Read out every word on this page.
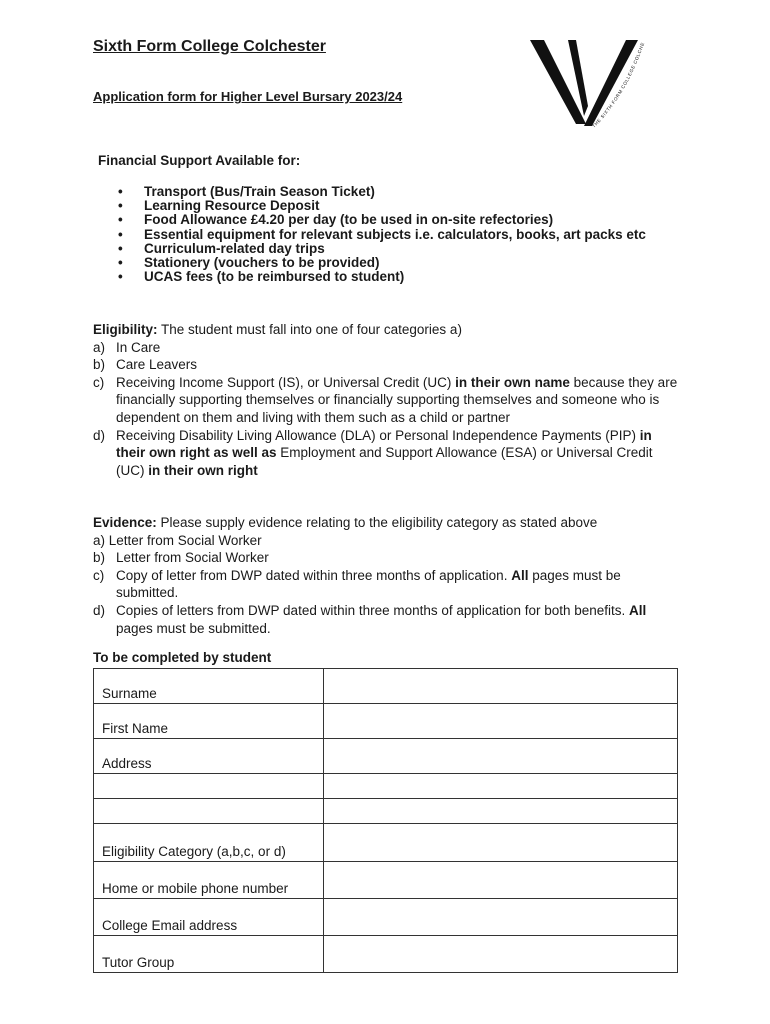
Sixth Form College Colchester
Application form for Higher Level Bursary 2023/24
THE SIXTH FORM COLLEGE COLCHE
Financial Support Available for:
• Transport (Bus/Train Season Ticket)
• Learning Resource Deposit
• Food Allowance £4.20 per day (to be used in on-site refectories)
• Essential equipment for relevant subjects i.e. calculators, books, art packs etc
• Curriculum-related day trips
• Stationery (vouchers to be provided)
• UCAS fees (to be reimbursed to student)

Eligibility: The student must fall into one of four categories a)

a) In Care
b) Care Leavers
c) Receiving Income Support (IS), or Universal Credit (UC) in their own name because they are financially supporting themselves or financially supporting themselves and someone who is dependent on them and living with them such as a child or partner
d) Receiving Disability Living Allowance (DLA) or Personal Independence Payments (PIP) in their own right as well as Employment and Support Allowance (ESA) or Universal Credit (UC) in their own right

Evidence: Please supply evidence relating to the eligibility category as stated above

a) Letter from Social Worker
b) Letter from Social Worker
c) Copy of letter from DWP dated within three months of application. All pages must be submitted.
d) Copies of letters from DWP dated within three months of application for both benefits. All pages must be submitted.
To be completed by student
Surname	
First Name	
Address	

Eligibility Category (a,b,c, or d)	
Home or mobile phone number	
College Email address	
Tutor Group	
